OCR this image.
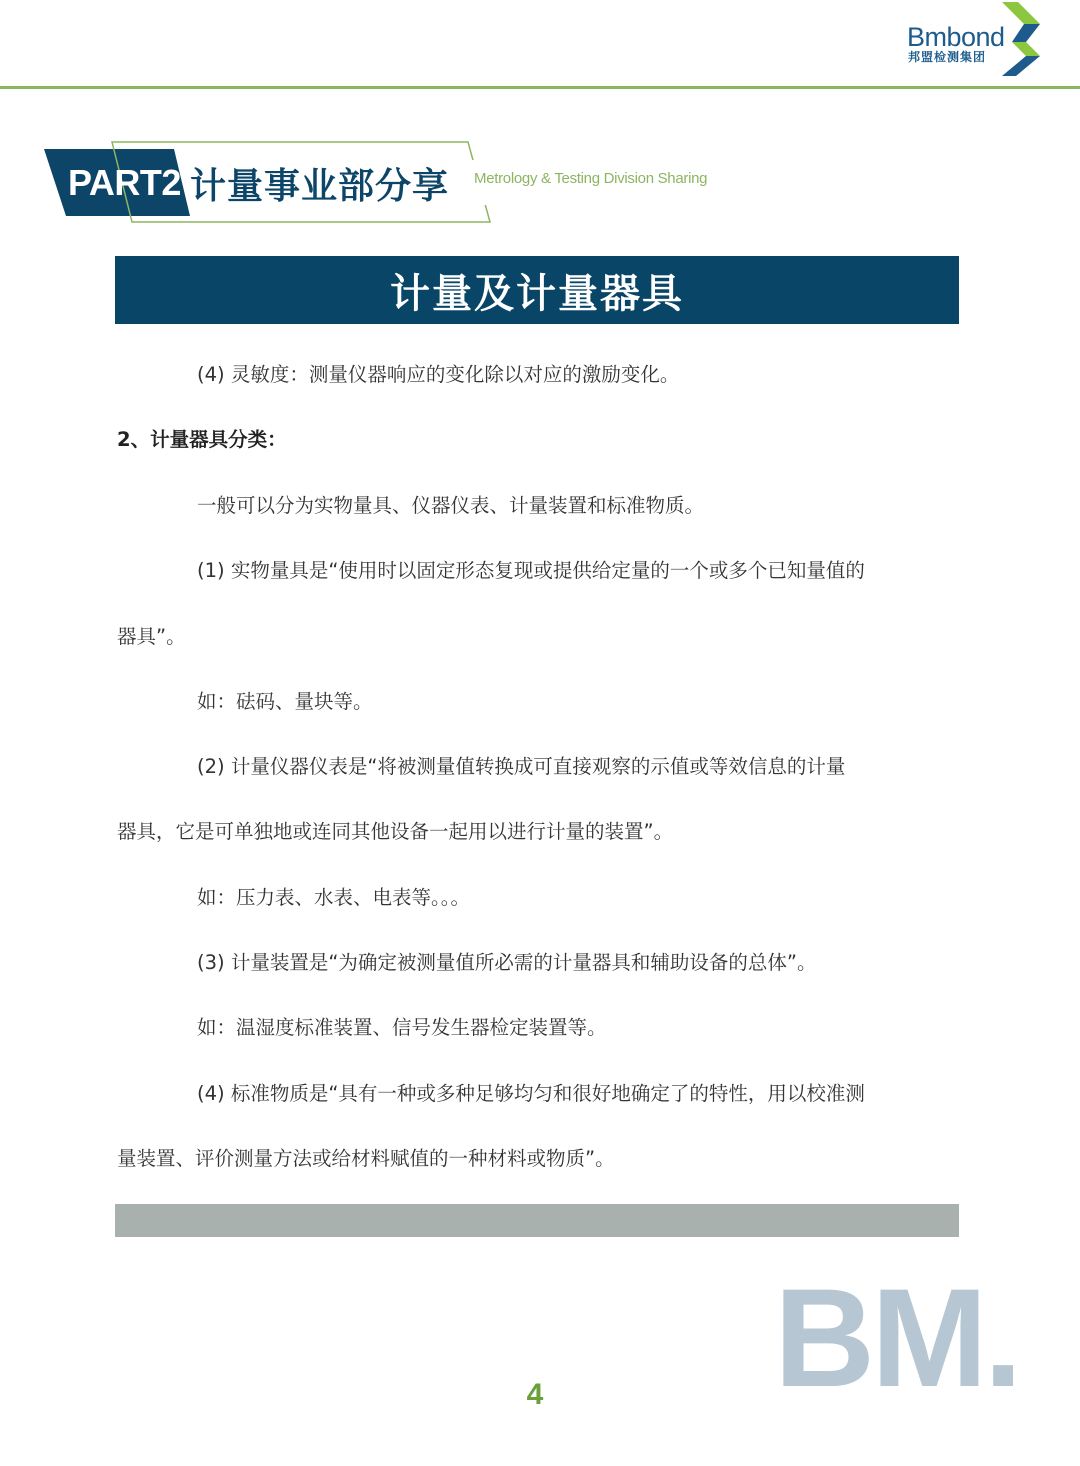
Bmbond
邦盟检测集团
PART2 计量事业部分享 Metrology & Testing Division Sharing
计量及计量器具
(4) 灵敏度：测量仪器响应的变化除以对应的激励变化。
2、计量器具分类：
一般可以分为实物量具、仪器仪表、计量装置和标准物质。
(1) 实物量具是“使用时以固定形态复现或提供给定量的一个或多个已知量值的
器具”。
如：砝码、量块等。
(2) 计量仪器仪表是“将被测量值转换成可直接观察的示值或等效信息的计量
器具，它是可单独地或连同其他设备一起用以进行计量的装置”。
如：压力表、水表、电表等。。。
(3) 计量装置是“为确定被测量值所必需的计量器具和辅助设备的总体”。
如：温湿度标准装置、信号发生器检定装置等。
(4) 标准物质是“具有一种或多种足够均匀和很好地确定了的特性，用以校准测
量装置、评价测量方法或给材料赋值的一种材料或物质”。
4 BM.
